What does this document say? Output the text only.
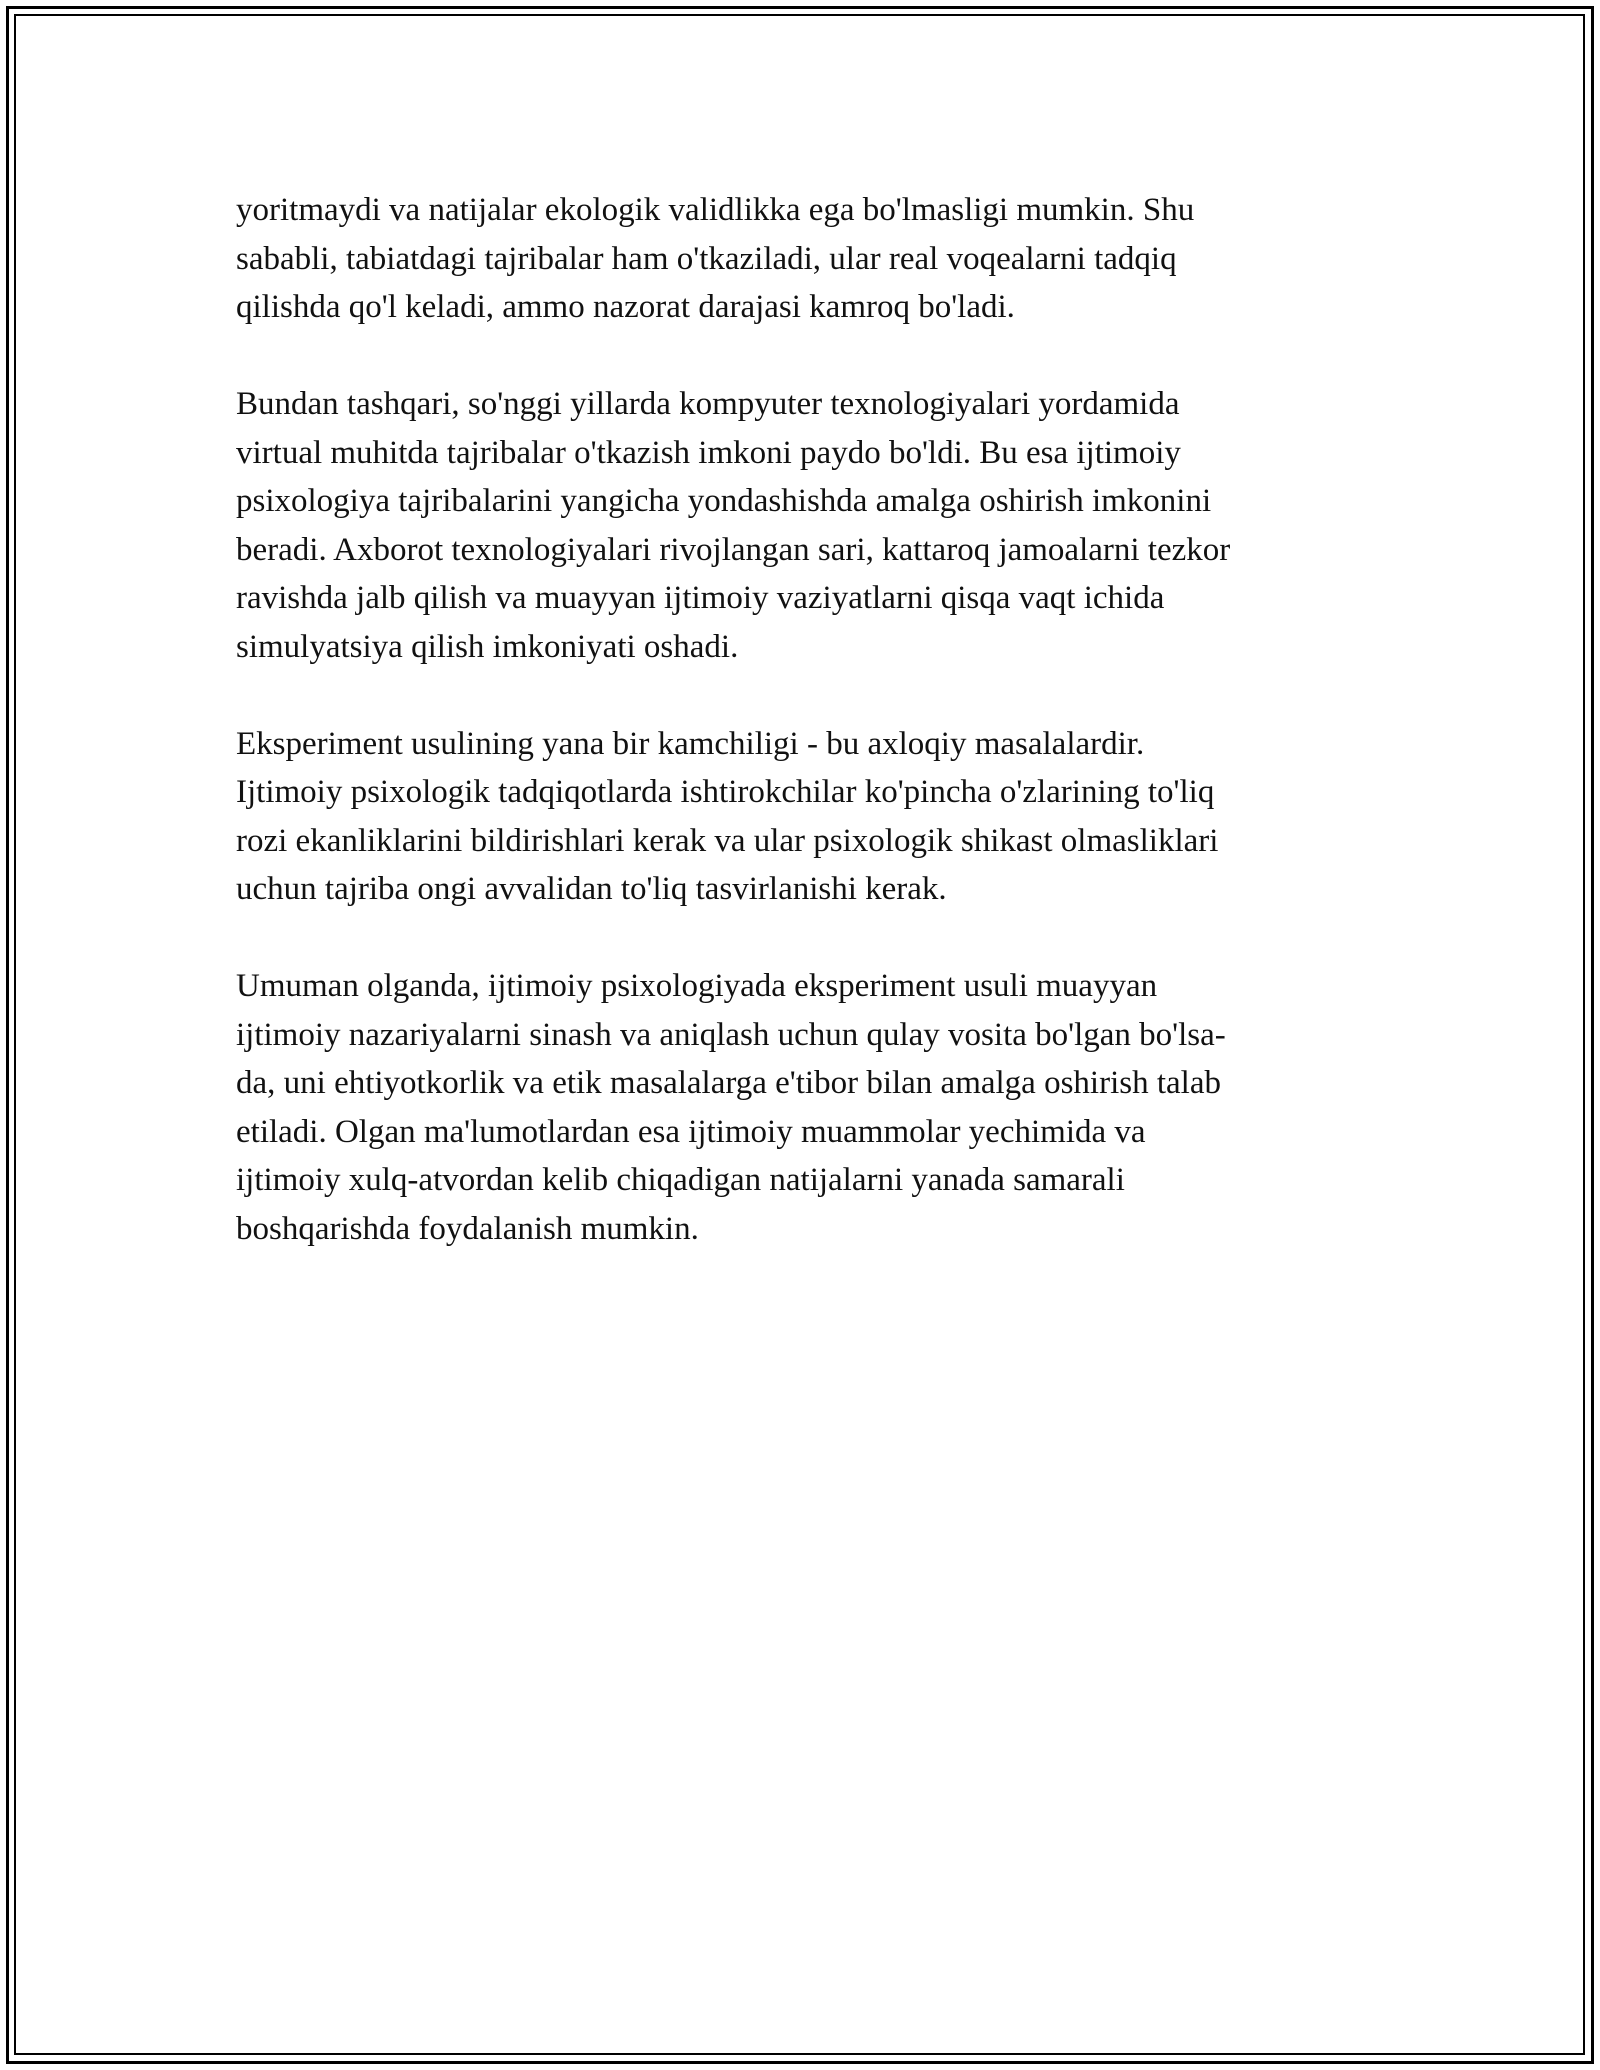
yoritmaydi va natijalar ekologik validlikka ega bo'lmasligi mumkin. Shu
sababli, tabiatdagi tajribalar ham o'tkaziladi, ular real voqealarni tadqiq
qilishda qo'l keladi, ammo nazorat darajasi kamroq bo'ladi.

Bundan tashqari, so'nggi yillarda kompyuter texnologiyalari yordamida
virtual muhitda tajribalar o'tkazish imkoni paydo bo'ldi. Bu esa ijtimoiy
psixologiya tajribalarini yangicha yondashishda amalga oshirish imkonini
beradi. Axborot texnologiyalari rivojlangan sari, kattaroq jamoalarni tezkor
ravishda jalb qilish va muayyan ijtimoiy vaziyatlarni qisqa vaqt ichida
simulyatsiya qilish imkoniyati oshadi.

Eksperiment usulining yana bir kamchiligi - bu axloqiy masalalardir.
Ijtimoiy psixologik tadqiqotlarda ishtirokchilar ko'pincha o'zlarining to'liq
rozi ekanliklarini bildirishlari kerak va ular psixologik shikast olmasliklari
uchun tajriba ongi avvalidan to'liq tasvirlanishi kerak.

Umuman olganda, ijtimoiy psixologiyada eksperiment usuli muayyan
ijtimoiy nazariyalarni sinash va aniqlash uchun qulay vosita bo'lgan bo'lsa-
da, uni ehtiyotkorlik va etik masalalarga e'tibor bilan amalga oshirish talab
etiladi. Olgan ma'lumotlardan esa ijtimoiy muammolar yechimida va
ijtimoiy xulq-atvordan kelib chiqadigan natijalarni yanada samarali
boshqarishda foydalanish mumkin.
